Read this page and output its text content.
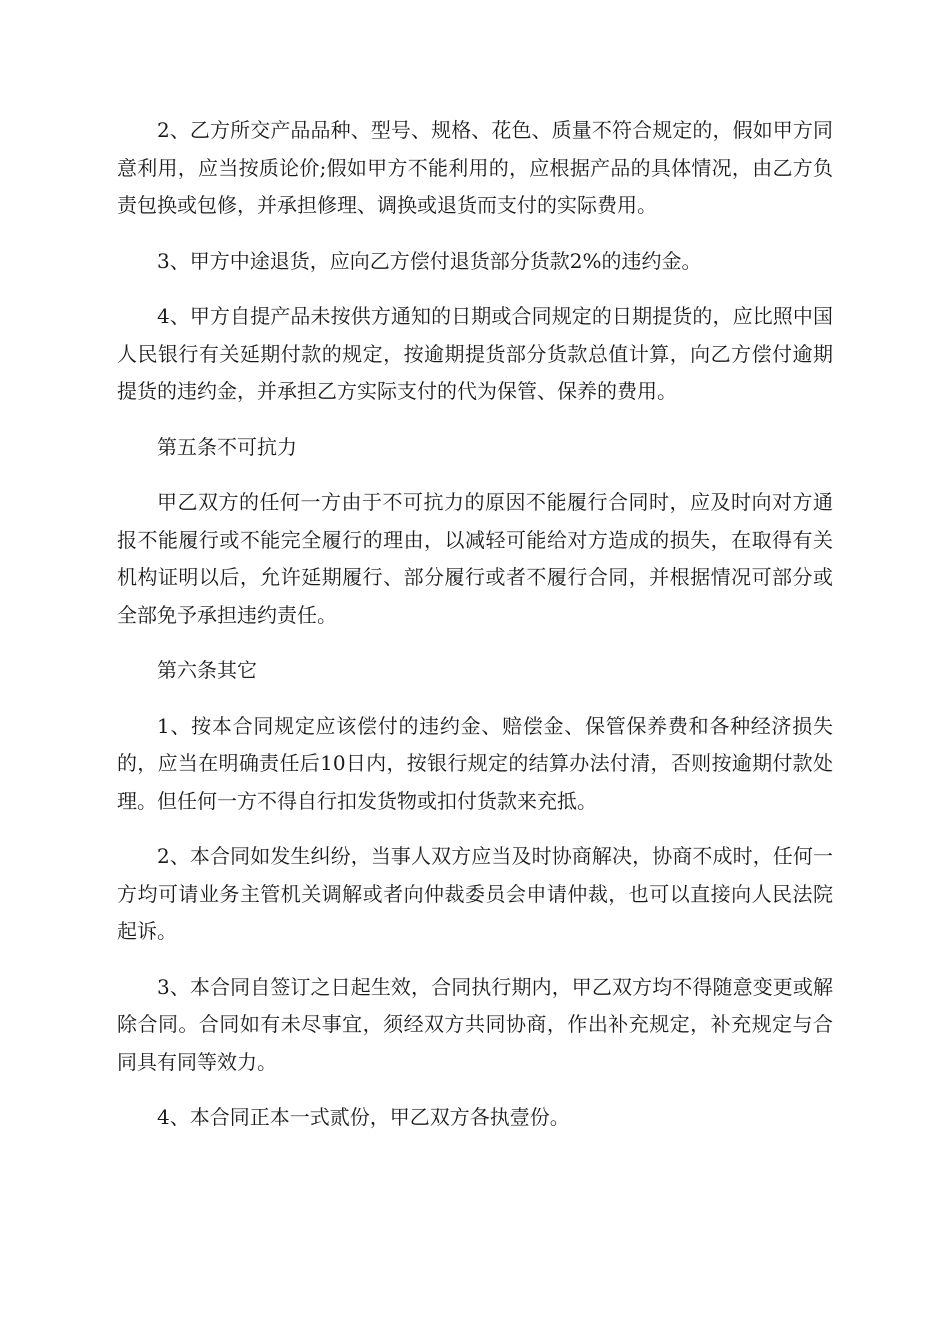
2、乙方所交产品品种、型号、规格、花色、质量不符合规定的，假如甲方同意利用，应当按质论价;假如甲方不能利用的，应根据产品的具体情况，由乙方负责包换或包修，并承担修理、调换或退货而支付的实际费用。

3、甲方中途退货，应向乙方偿付退货部分货款2%的违约金。

4、甲方自提产品未按供方通知的日期或合同规定的日期提货的，应比照中国人民银行有关延期付款的规定，按逾期提货部分货款总值计算，向乙方偿付逾期提货的违约金，并承担乙方实际支付的代为保管、保养的费用。

第五条不可抗力

甲乙双方的任何一方由于不可抗力的原因不能履行合同时，应及时向对方通报不能履行或不能完全履行的理由，以减轻可能给对方造成的损失，在取得有关机构证明以后，允许延期履行、部分履行或者不履行合同，并根据情况可部分或全部免予承担违约责任。

第六条其它

1、按本合同规定应该偿付的违约金、赔偿金、保管保养费和各种经济损失的，应当在明确责任后10日内，按银行规定的结算办法付清，否则按逾期付款处理。但任何一方不得自行扣发货物或扣付货款来充抵。

2、本合同如发生纠纷，当事人双方应当及时协商解决，协商不成时，任何一方均可请业务主管机关调解或者向仲裁委员会申请仲裁，也可以直接向人民法院起诉。

3、本合同自签订之日起生效，合同执行期内，甲乙双方均不得随意变更或解除合同。合同如有未尽事宜，须经双方共同协商，作出补充规定，补充规定与合同具有同等效力。

4、本合同正本一式贰份，甲乙双方各执壹份。
